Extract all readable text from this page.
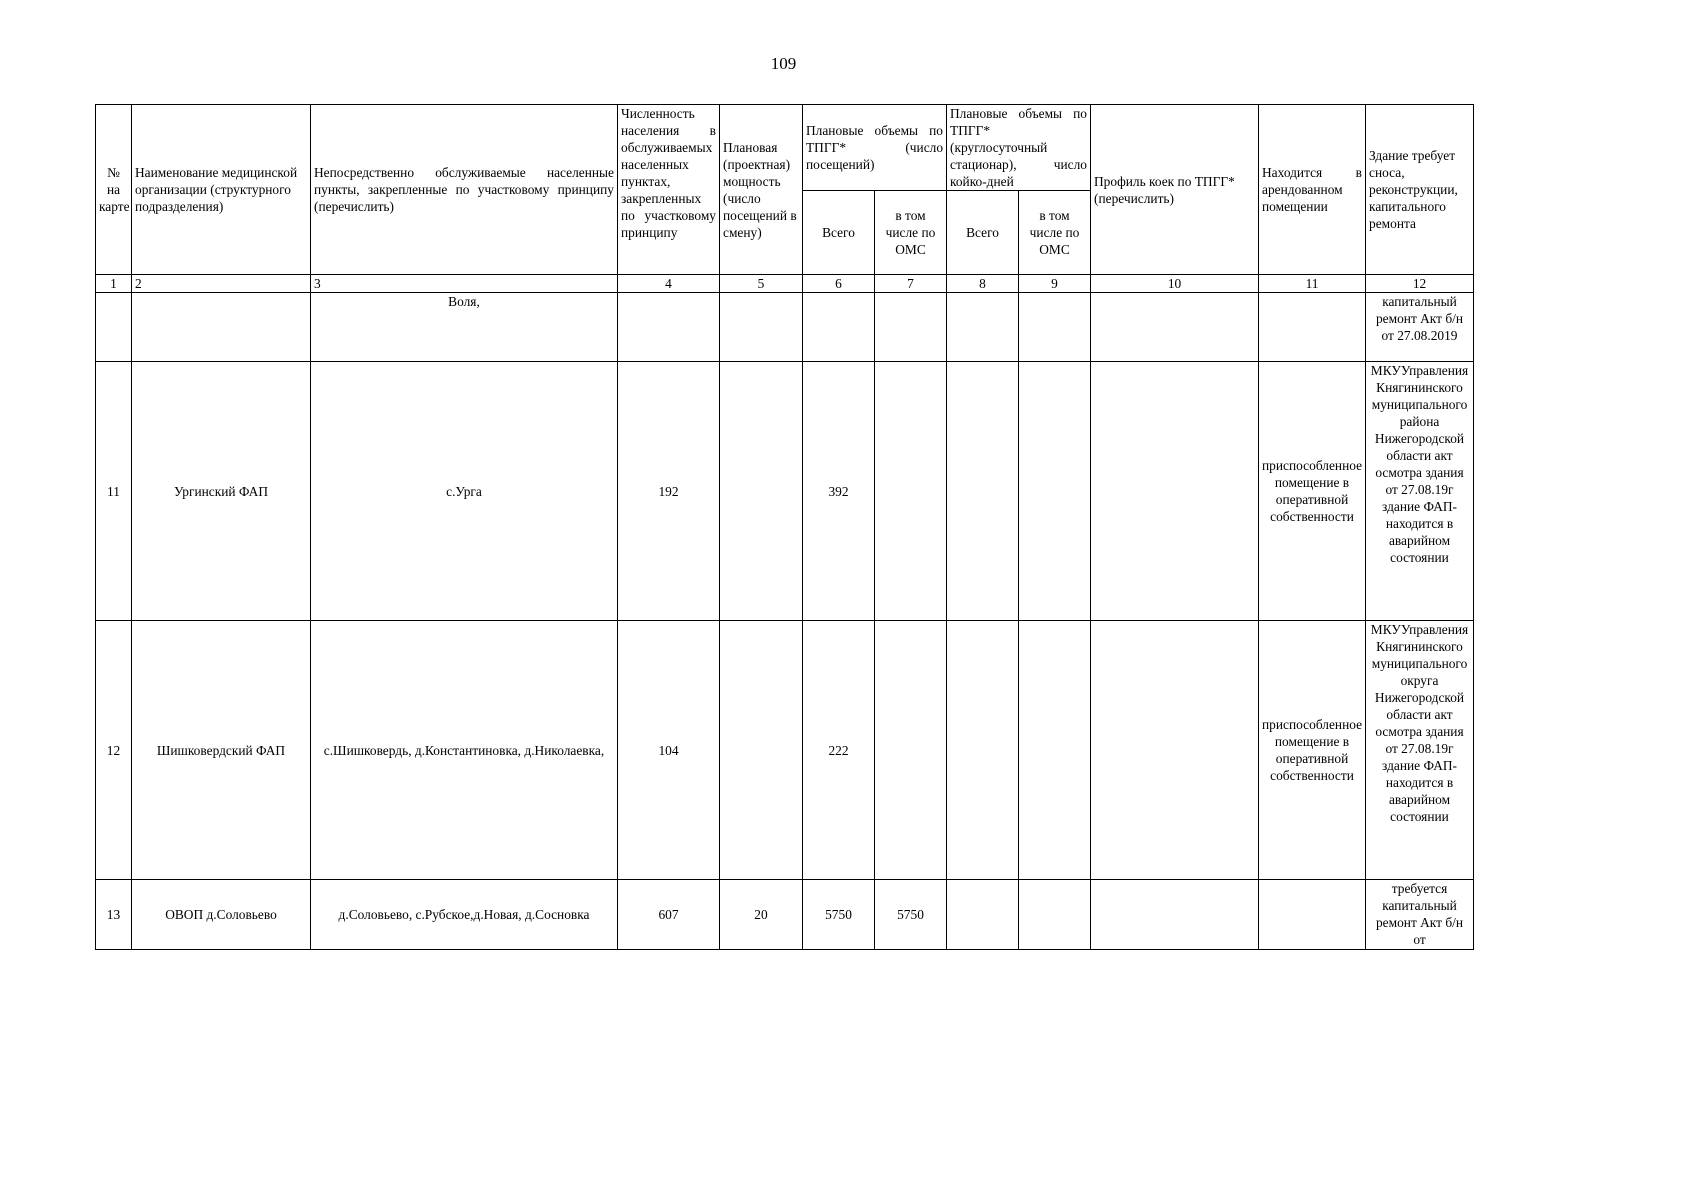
109
№ на карте	Наименование медицинской организации (структурного подразделения)	Непосредственно обслуживаемые населенные пункты, закрепленные по участковому принципу (перечислить)	Численность населения в обслуживаемых населенных пунктах, закрепленных по участковому принципу	Плановая (проектная) мощность (число посещений в смену)	Плановые объемы по ТПГГ* (число посещений)		Плановые объемы по ТПГГ* (круглосуточный стационар), число койко-дней		Профиль коек по ТПГГ* (перечислить)	Находится в арендованном помещении	Здание требует сноса, реконструкции, капитального ремонта
					Всего	в том числе по ОМС	Всего	в том числе по ОМС			
1	2	3	4	5	6	7	8	9	10	11	12
		Воля,									капитальный ремонт Акт б/н от 27.08.2019
11	Ургинский ФАП	с.Урга	192		392					приспособленное помещение в оперативной собственности	МКУУправления Княгининского муниципального района Нижегородской области акт осмотра здания от 27.08.19г здание ФАП- находится в аварийном состоянии
12	Шишковердский ФАП	с.Шишковердь, д.Константиновка, д.Николаевка,	104		222					приспособленное помещение в оперативной собственности	МКУУправления Княгининского муниципального округа Нижегородской области акт осмотра здания от 27.08.19г здание ФАП- находится в аварийном состоянии
13	ОВОП д.Соловьево	д.Соловьево, с.Рубское,д.Новая, д.Сосновка	607	20	5750	5750					требуется капитальный ремонт Акт б/н от
